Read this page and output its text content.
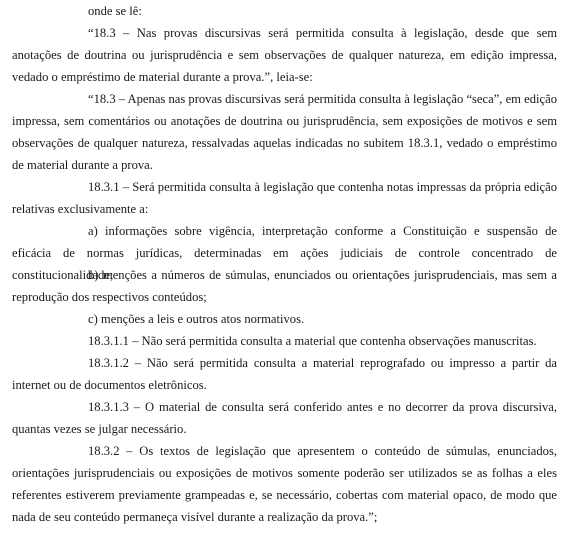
onde se lê:

“18.3 – Nas provas discursivas será permitida consulta à legislação, desde que sem anotações de doutrina ou jurisprudência e sem observações de qualquer natureza, em edição impressa, vedado o empréstimo de material durante a prova.”, leia-se:

“18.3 – Apenas nas provas discursivas será permitida consulta à legislação “seca”, em edição impressa, sem comentários ou anotações de doutrina ou jurisprudência, sem exposições de motivos e sem observações de qualquer natureza, ressalvadas aquelas indicadas no subitem 18.3.1, vedado o empréstimo de material durante a prova.

18.3.1 – Será permitida consulta à legislação que contenha notas impressas da própria edição relativas exclusivamente a:

a) informações sobre vigência, interpretação conforme a Constituição e suspensão de eficácia de normas jurídicas, determinadas em ações judiciais de controle concentrado de constitucionalidade;

b) menções a números de súmulas, enunciados ou orientações jurisprudenciais, mas sem a reprodução dos respectivos conteúdos;

c) menções a leis e outros atos normativos.

18.3.1.1 – Não será permitida consulta a material que contenha observações manuscritas.

18.3.1.2 – Não será permitida consulta a material reprografado ou impresso a partir da internet ou de documentos eletrônicos.

18.3.1.3 – O material de consulta será conferido antes e no decorrer da prova discursiva, quantas vezes se julgar necessário.

18.3.2 – Os textos de legislação que apresentem o conteúdo de súmulas, enunciados, orientações jurisprudenciais ou exposições de motivos somente poderão ser utilizados se as folhas a eles referentes estiverem previamente grampeadas e, se necessário, cobertas com material opaco, de modo que nada de seu conteúdo permaneça visível durante a realização da prova.”;
